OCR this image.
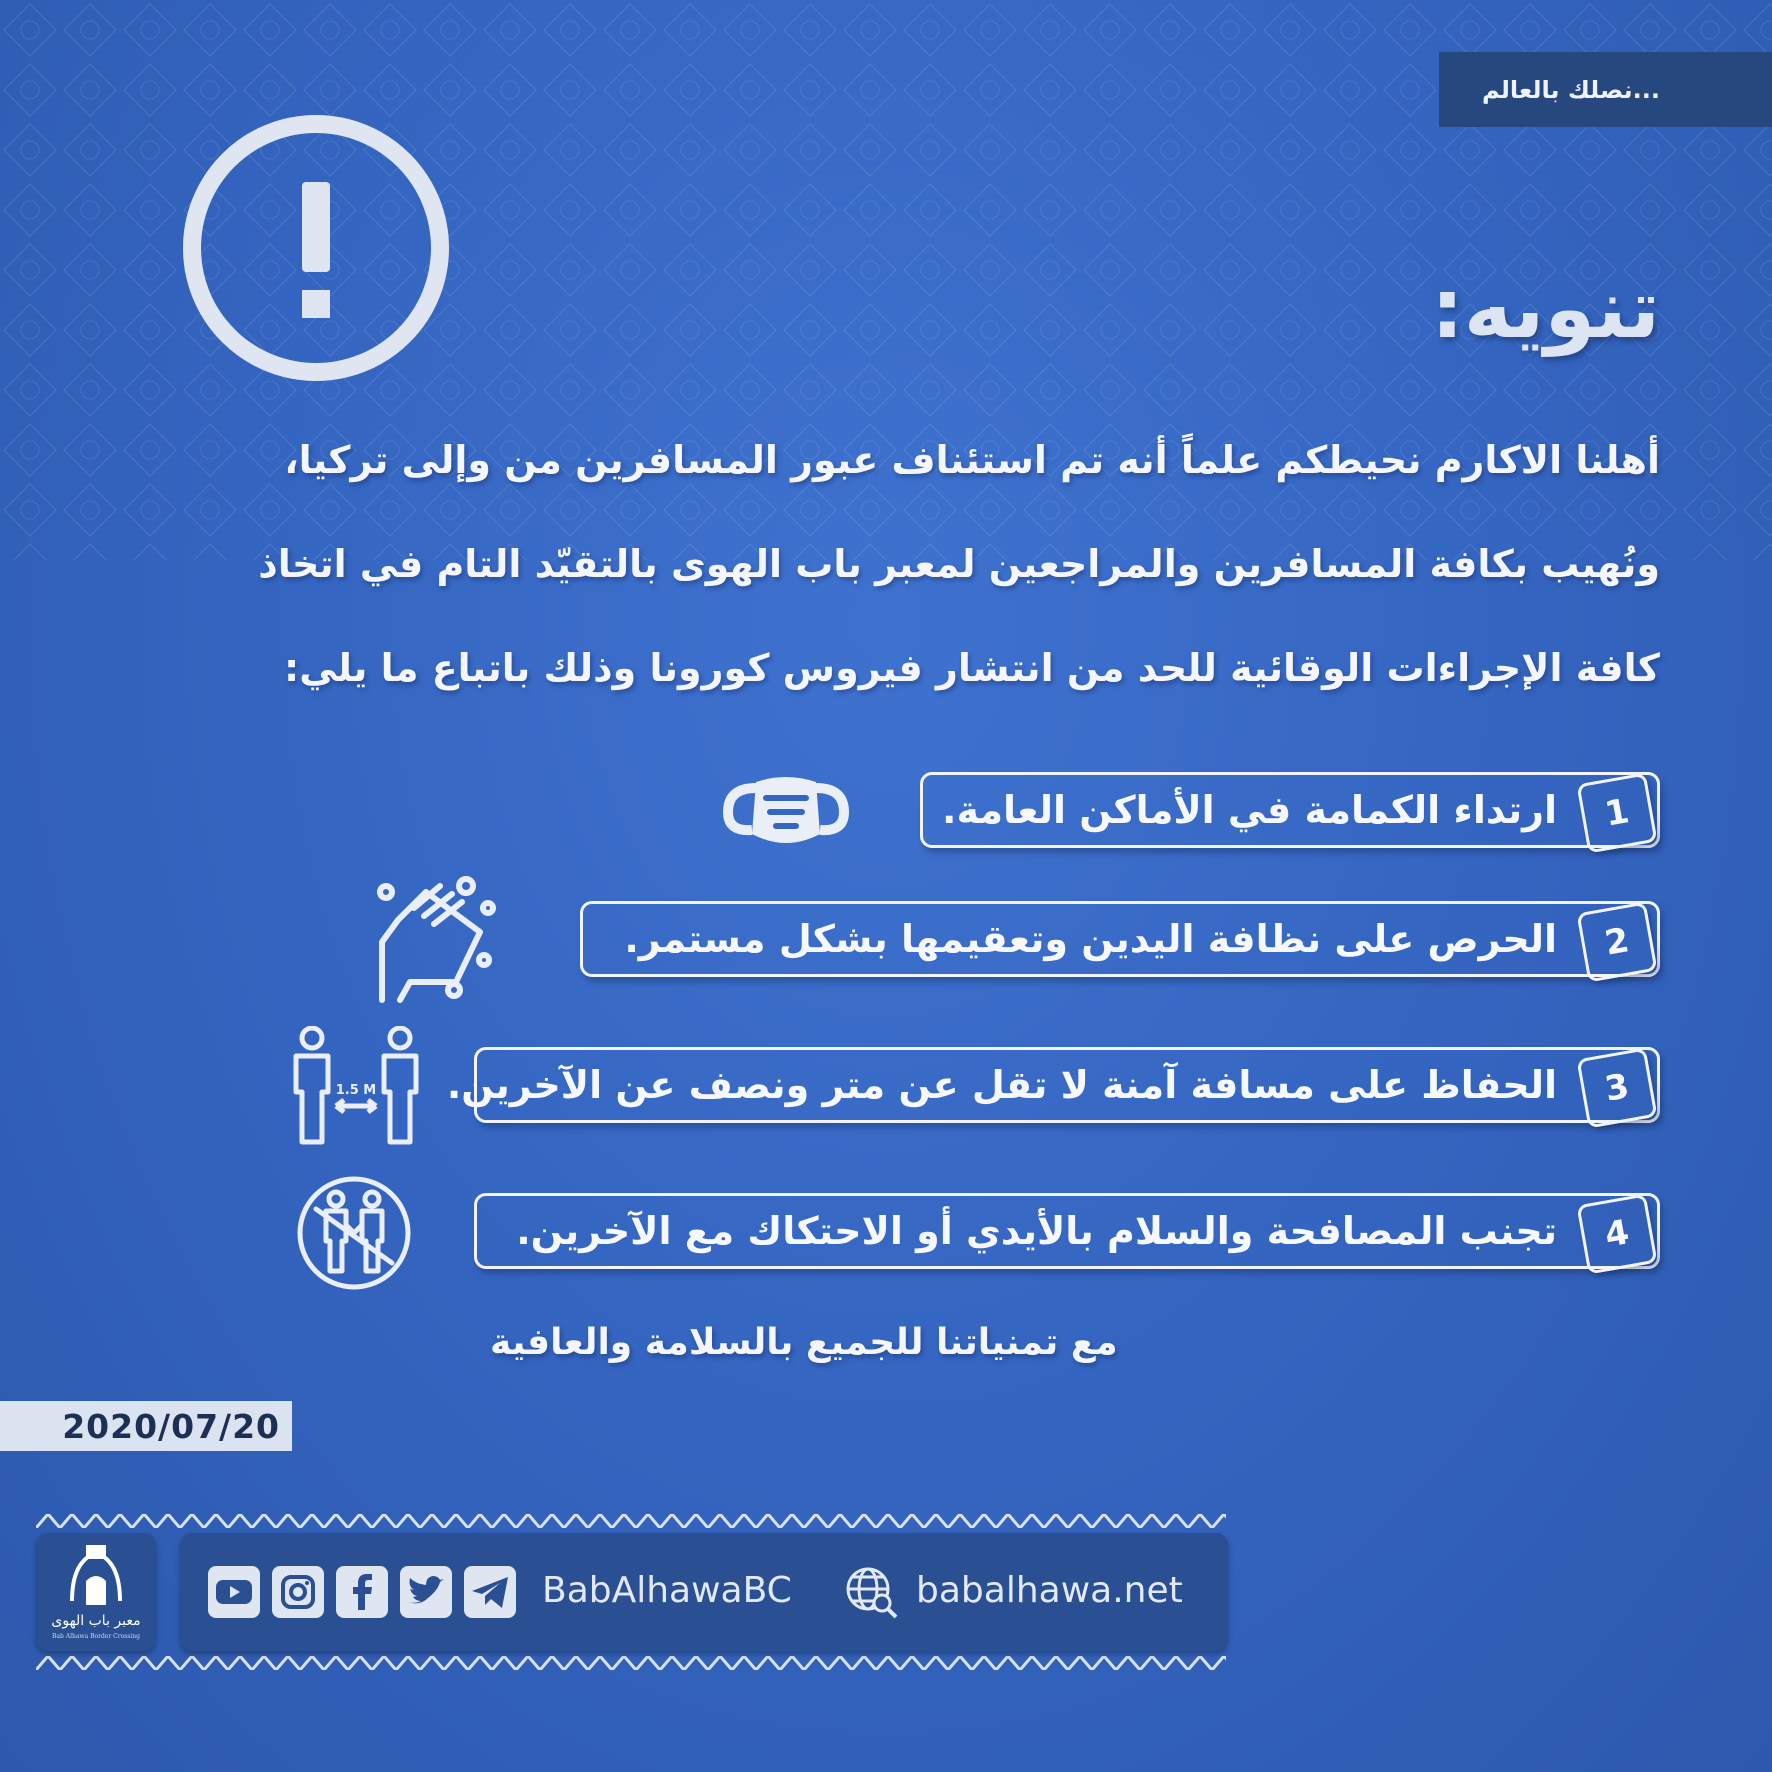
نصلك بالعالم...
تنويه:
أهلنا الاكارم نحيطكم علماً أنه تم استئناف عبور المسافرين من وإلى تركيا،
ونُهيب بكافة المسافرين والمراجعين لمعبر باب الهوى بالتقيّد التام في اتخاذ
كافة الإجراءات الوقائية للحد من انتشار فيروس كورونا وذلك باتباع ما يلي:
ارتداء الكمامة في الأماكن العامة. 1
الحرص على نظافة اليدين وتعقيمها بشكل مستمر. 2
الحفاظ على مسافة آمنة لا تقل عن متر ونصف عن الآخرين. 3
1.5 M
تجنب المصافحة والسلام بالأيدي أو الاحتكاك مع الآخرين. 4
مع تمنياتنا للجميع بالسلامة والعافية
2020/07/20
معبر باب الهوى
Bab Alhawa Border Crossing
BabAlhawaBC	babalhawa.net
